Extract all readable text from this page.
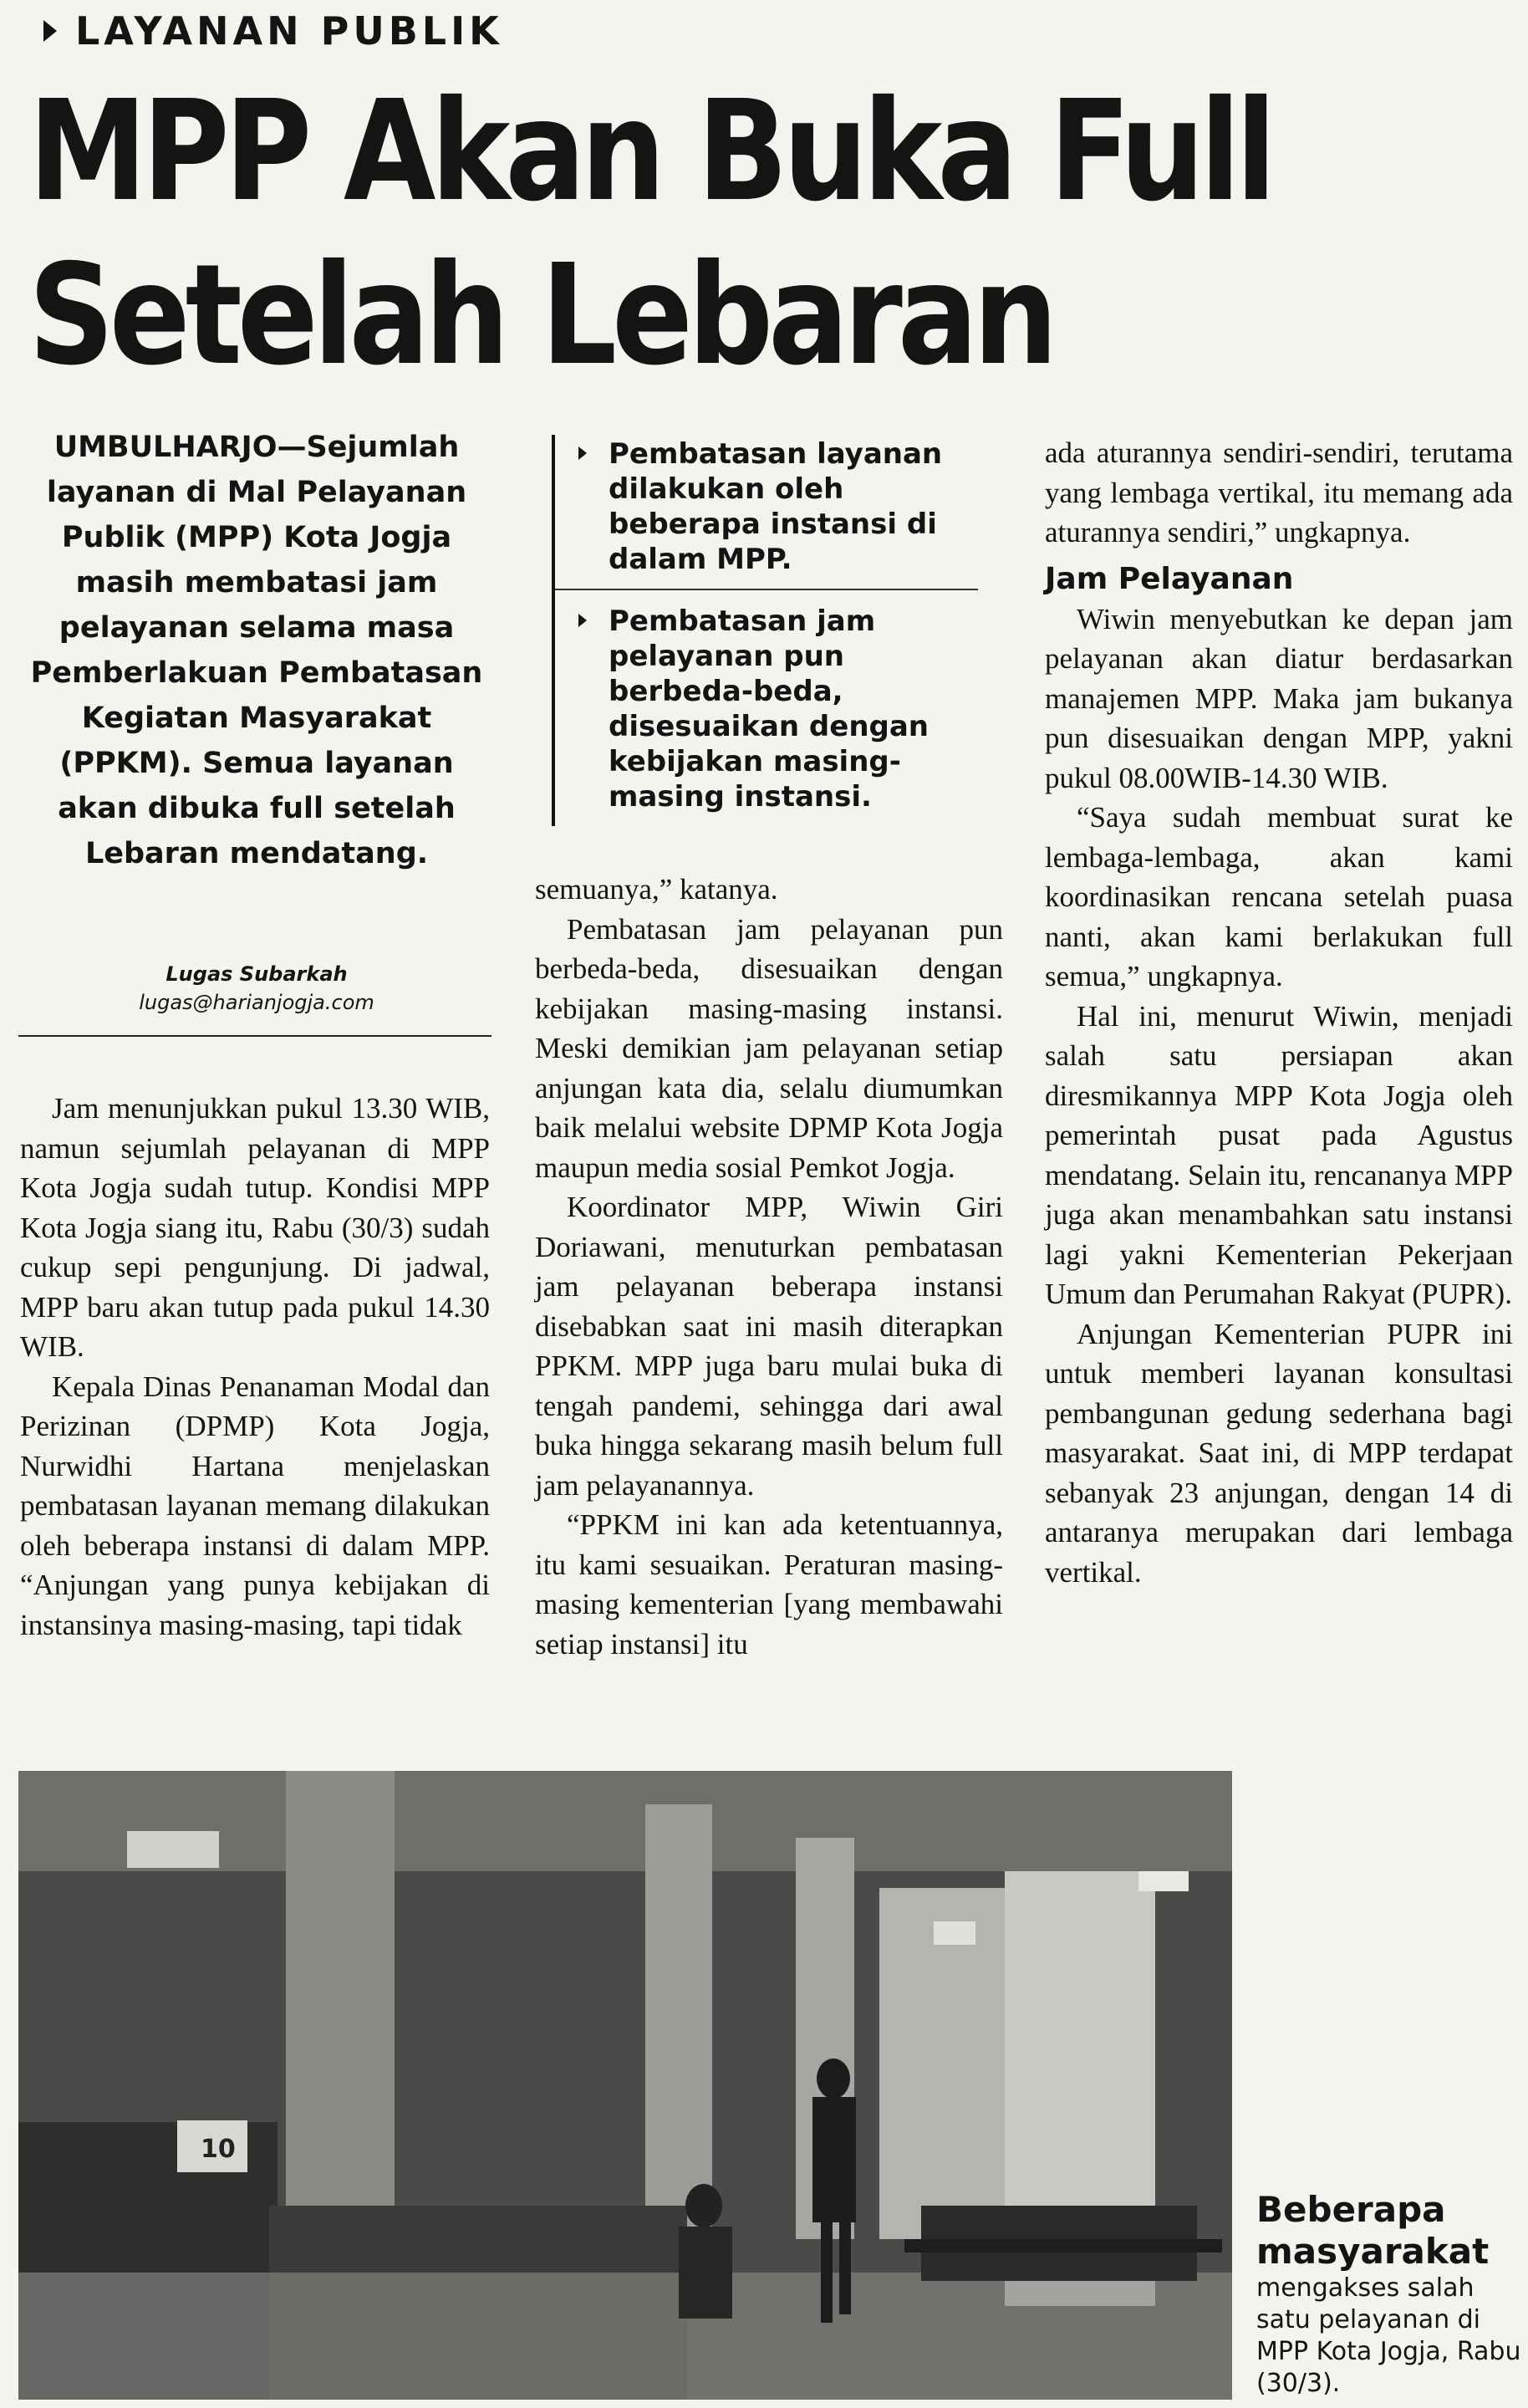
LAYANAN PUBLIK
MPP Akan Buka Full
Setelah Lebaran

UMBULHARJO—Sejumlah layanan di Mal Pelayanan Publik (MPP) Kota Jogja masih membatasi jam pelayanan selama masa Pemberlakuan Pembatasan Kegiatan Masyarakat (PPKM). Semua layanan akan dibuka full setelah Lebaran mendatang.

Lugas Subarkah
lugas@harianjogja.com

Jam menunjukkan pukul 13.30 WIB, namun sejumlah pelayanan di MPP Kota Jogja sudah tutup. Kondisi MPP Kota Jogja siang itu, Rabu (30/3) sudah cukup sepi pengunjung. Di jadwal, MPP baru akan tutup pada pukul 14.30 WIB.

Kepala Dinas Penanaman Modal dan Perizinan (DPMP) Kota Jogja, Nurwidhi Hartana menjelaskan pembatasan layanan memang dilakukan oleh beberapa instansi di dalam MPP. “Anjungan yang punya kebijakan di instansinya masing-masing, tapi tidak

Pembatasan layanan dilakukan oleh beberapa instansi di dalam MPP.
Pembatasan jam pelayanan pun berbeda-beda, disesuaikan dengan kebijakan masing-masing instansi.

semuanya,” katanya.

Pembatasan jam pelayanan pun berbeda-beda, disesuaikan dengan kebijakan masing-masing instansi. Meski demikian jam pelayanan setiap anjungan kata dia, selalu diumumkan baik melalui website DPMP Kota Jogja maupun media sosial Pemkot Jogja.

Koordinator MPP, Wiwin Giri Doriawani, menuturkan pembatasan jam pelayanan beberapa instansi disebabkan saat ini masih diterapkan PPKM. MPP juga baru mulai buka di tengah pandemi, sehingga dari awal buka hingga sekarang masih belum full jam pelayanannya.

“PPKM ini kan ada ketentuannya, itu kami sesuaikan. Peraturan masing-masing kementerian [yang membawahi setiap instansi] itu

ada aturannya sendiri-sendiri, terutama yang lembaga vertikal, itu memang ada aturannya sendiri,” ungkapnya.

Jam Pelayanan

Wiwin menyebutkan ke depan jam pelayanan akan diatur berdasarkan manajemen MPP. Maka jam bukanya pun disesuaikan dengan MPP, yakni pukul 08.00WIB-14.30 WIB.

“Saya sudah membuat surat ke lembaga-lembaga, akan kami koordinasikan rencana setelah puasa nanti, akan kami berlakukan full semua,” ungkapnya.

Hal ini, menurut Wiwin, menjadi salah satu persiapan akan diresmikannya MPP Kota Jogja oleh pemerintah pusat pada Agustus mendatang. Selain itu, rencananya MPP juga akan menambahkan satu instansi lagi yakni Kementerian Pekerjaan Umum dan Perumahan Rakyat (PUPR).

Anjungan Kementerian PUPR ini untuk memberi layanan konsultasi pembangunan gedung sederhana bagi masyarakat. Saat ini, di MPP terdapat sebanyak 23 anjungan, dengan 14 di antaranya merupakan dari lembaga vertikal.

10
Beberapa masyarakat
mengakses salah satu pelayanan di MPP Kota Jogja, Rabu (30/3).
